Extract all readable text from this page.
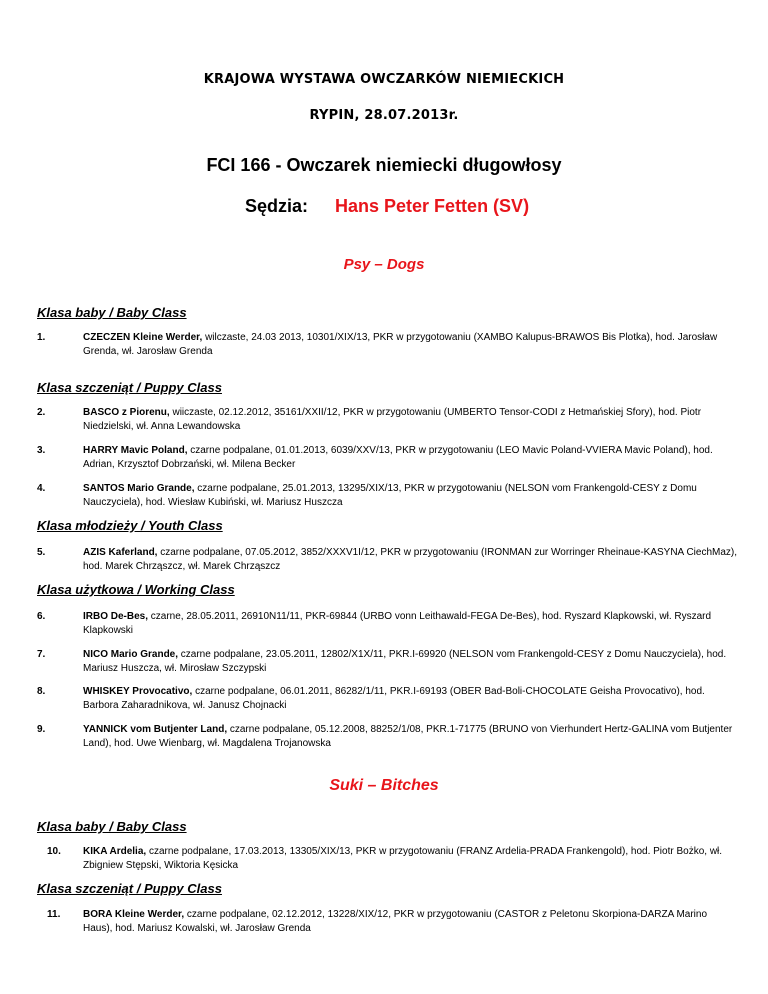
KRAJOWA WYSTAWA OWCZARKÓW NIEMIECKICH
RYPIN, 28.07.2013r.
FCI 166 - Owczarek niemiecki długowłosy
Sędzia: Hans Peter Fetten (SV)
Psy – Dogs
Klasa baby / Baby Class
1.	CZECZEN Kleine Werder, wilczaste, 24.03 2013, 10301/XIX/13, PKR w przygotowaniu (XAMBO Kalupus-BRAWOS Bis Plotka), hod. Jarosław Grenda, wł. Jarosław Grenda
Klasa szczeniąt / Puppy Class
2.	BASCO z Piorenu, wiiczaste, 02.12.2012, 35161/XXII/12, PKR w przygotowaniu (UMBERTO Tensor-CODI z Hetmańskiej Sfory), hod. Piotr Niedzielski, wł. Anna Lewandowska
3.	HARRY Mavic Poland, czarne podpalane, 01.01.2013, 6039/XXV/13, PKR w przygotowaniu (LEO Mavic Poland-VVIERA Mavic Poland), hod. Adrian, Krzysztof Dobrzański, wł. Milena Becker
4.	SANTOS Mario Grande, czarne podpalane, 25.01.2013, 13295/XIX/13, PKR w przygotowaniu (NELSON vom Frankengold-CESY z Domu Nauczyciela), hod. Wiesław Kubiński, wł. Mariusz Huszcza
Klasa młodzieży / Youth Class
5.	AZIS Kaferland, czarne podpalane, 07.05.2012, 3852/XXXV1I/12, PKR w przygotowaniu (IRONMAN zur Worringer Rheinaue-KASYNA CiechMaz), hod. Marek Chrząszcz, wł. Marek Chrząszcz
Klasa użytkowa / Working Class
6.	IRBO De-Bes, czarne, 28.05.2011, 26910N11/11, PKR-69844 (URBO vonn Leithawald-FEGA De-Bes), hod. Ryszard Klapkowski, wł. Ryszard Klapkowski
7.	NICO Mario Grande, czarne podpalane, 23.05.2011, 12802/X1X/11, PKR.I-69920 (NELSON vom Frankengold-CESY z Domu Nauczyciela), hod. Mariusz Huszcza, wł. Mirosław Szczypski
8.	WHISKEY Provocativo, czarne podpalane, 06.01.2011, 86282/1/11, PKR.I-69193 (OBER Bad-Boli-CHOCOLATE Geisha Provocativo), hod. Barbora Zaharadnikova, wł. Janusz Chojnacki
9.	YANNICK vom Butjenter Land, czarne podpalane, 05.12.2008, 88252/1/08, PKR.1-71775 (BRUNO von Vierhundert Hertz-GALINA vom Butjenter Land), hod. Uwe Wienbarg, wł. Magdalena Trojanowska
Suki – Bitches
Klasa baby / Baby Class
10. KIKA Ardelia, czarne podpalane, 17.03.2013, 13305/XIX/13, PKR w przygotowaniu (FRANZ Ardelia-PRADA Frankengold), hod. Piotr Bożko, wł. Zbigniew Stępski, Wiktoria Kęsicka
Klasa szczeniąt / Puppy Class
11. BORA Kleine Werder, czarne podpalane, 02.12.2012, 13228/XIX/12, PKR w przygotowaniu (CASTOR z Peletonu Skorpiona-DARZA Marino Haus), hod. Mariusz Kowalski, wł. Jarosław Grenda
